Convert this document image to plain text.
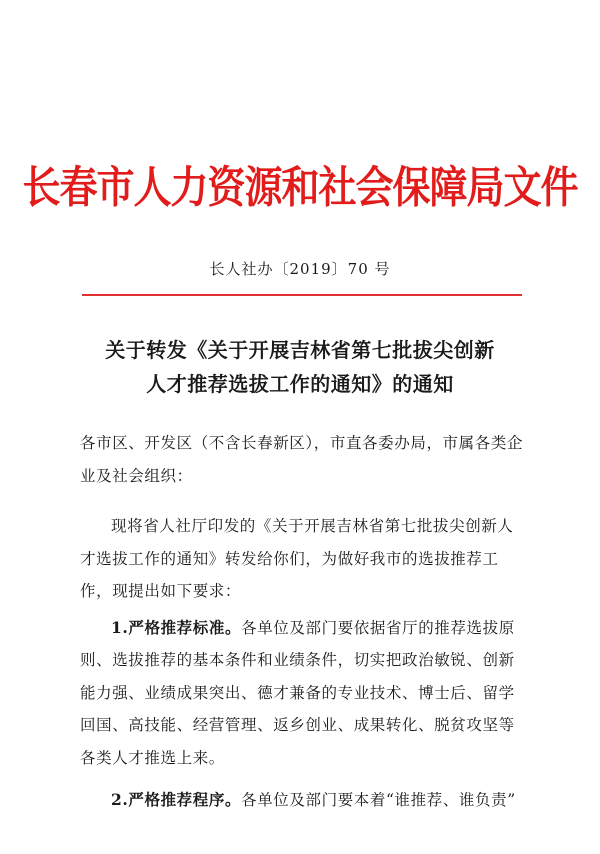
长春市人力资源和社会保障局文件
长人社办〔2019〕70 号
关于转发《关于开展吉林省第七批拔尖创新
人才推荐选拔工作的通知》的通知

各市区、开发区（不含长春新区），市直各委办局，市属各类企业及社会组织：

现将省人社厅印发的《关于开展吉林省第七批拔尖创新人才选拔工作的通知》转发给你们，为做好我市的选拔推荐工作，现提出如下要求：

1.严格推荐标准。各单位及部门要依据省厅的推荐选拔原则、选拔推荐的基本条件和业绩条件，切实把政治敏锐、创新能力强、业绩成果突出、德才兼备的专业技术、博士后、留学回国、高技能、经营管理、返乡创业、成果转化、脱贫攻坚等各类人才推选上来。

2.严格推荐程序。各单位及部门要本着“谁推荐、谁负责”
